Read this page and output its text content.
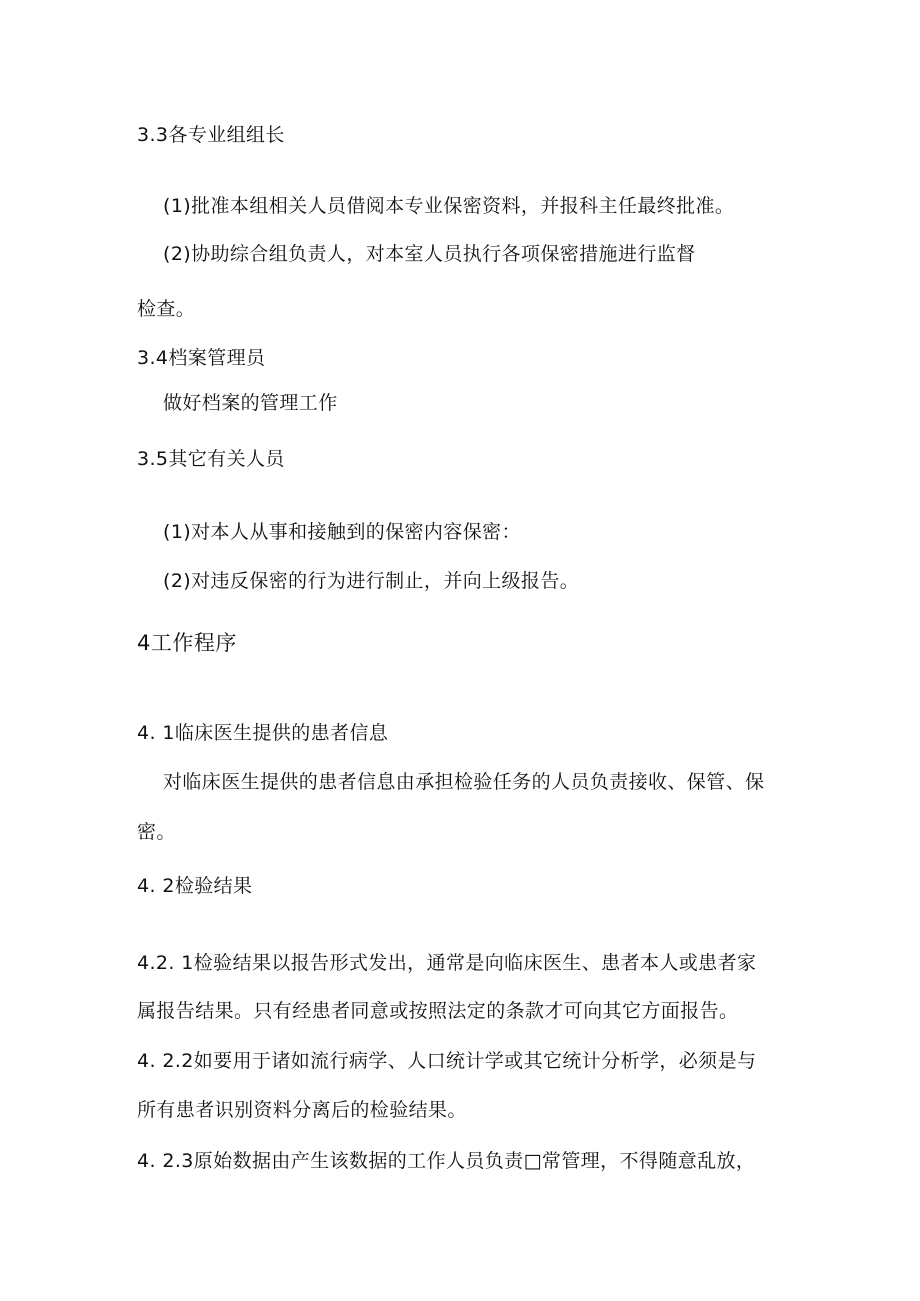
3.3各专业组组长
(1)批准本组相关人员借阅本专业保密资料，并报科主任最终批准。
(2)协助综合组负责人，对本室人员执行各项保密措施进行监督
检查。
3.4档案管理员
做好档案的管理工作
3.5其它有关人员
(1)对本人从事和接触到的保密内容保密：
(2)对违反保密的行为进行制止，并向上级报告。
4工作程序
4. 1临床医生提供的患者信息
对临床医生提供的患者信息由承担检验任务的人员负责接收、保管、保
密。
4. 2检验结果
4.2. 1检验结果以报告形式发出，通常是向临床医生、患者本人或患者家
属报告结果。只有经患者同意或按照法定的条款才可向其它方面报告。
4. 2.2如要用于诸如流行病学、人口统计学或其它统计分析学，必须是与
所有患者识别资料分离后的检验结果。
4. 2.3原始数据由产生该数据的工作人员负责□常管理，不得随意乱放，
